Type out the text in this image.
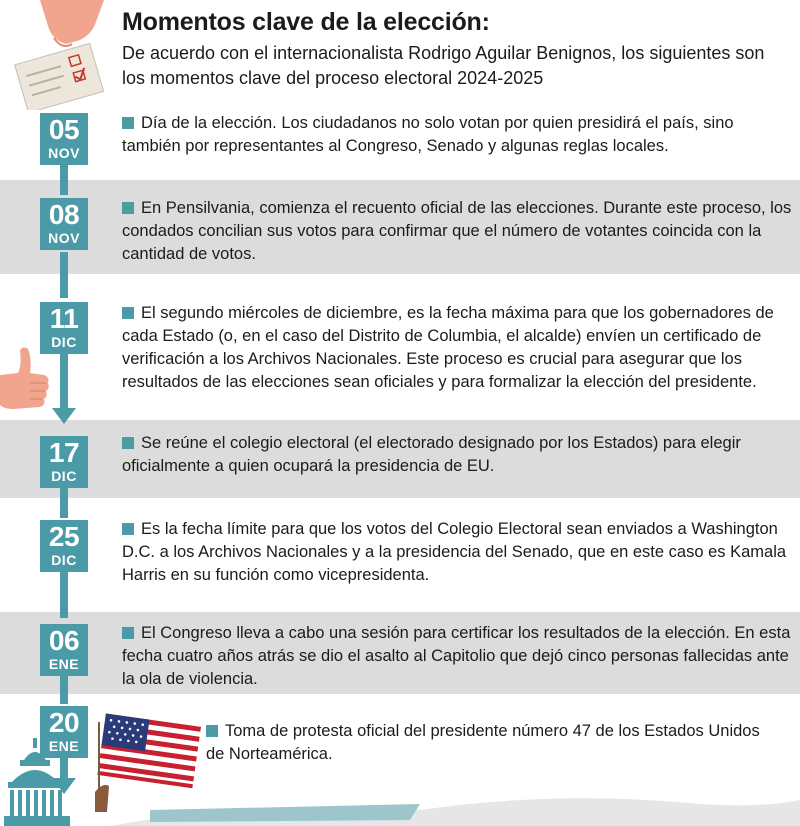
Momentos clave de la elección:
De acuerdo con el internacionalista Rodrigo Aguilar Benignos, los siguientes son los momentos clave del proceso electoral 2024-2025
05
NOV
08
NOV
11
DIC
17
DIC
25
DIC
06
ENE
20
ENE
Día de la elección. Los ciudadanos no solo votan por quien presidirá el país, sino también por representantes al Congreso, Senado y algunas reglas locales.
En Pensilvania, comienza el recuento oficial de las elecciones. Durante este proceso, los condados concilian sus votos para confirmar que el número de votantes coincida con la cantidad de votos.
El segundo miércoles de diciembre, es la fecha máxima para que los gobernadores de cada Estado (o, en el caso del Distrito de Columbia, el alcalde) envíen un certificado de verificación a los Archivos Nacionales. Este proceso es crucial para asegurar que los resultados de las elecciones sean oficiales y para formalizar la elección del presidente.
Se reúne el colegio electoral (el electorado designado por los Estados) para elegir oficialmente a quien ocupará la presidencia de EU.
Es la fecha límite para que los votos del Colegio Electoral sean enviados a Washington D.C. a los Archivos Nacionales y a la presidencia del Senado, que en este caso es Kamala Harris en su función como vicepresidenta.
El Congreso lleva a cabo una sesión para certificar los resultados de la elección. En esta fecha cuatro años atrás se dio el asalto al Capitolio que dejó cinco personas fallecidas ante la ola de violencia.
Toma de protesta oficial del presidente número 47 de los Estados Unidos de Norteamérica.
